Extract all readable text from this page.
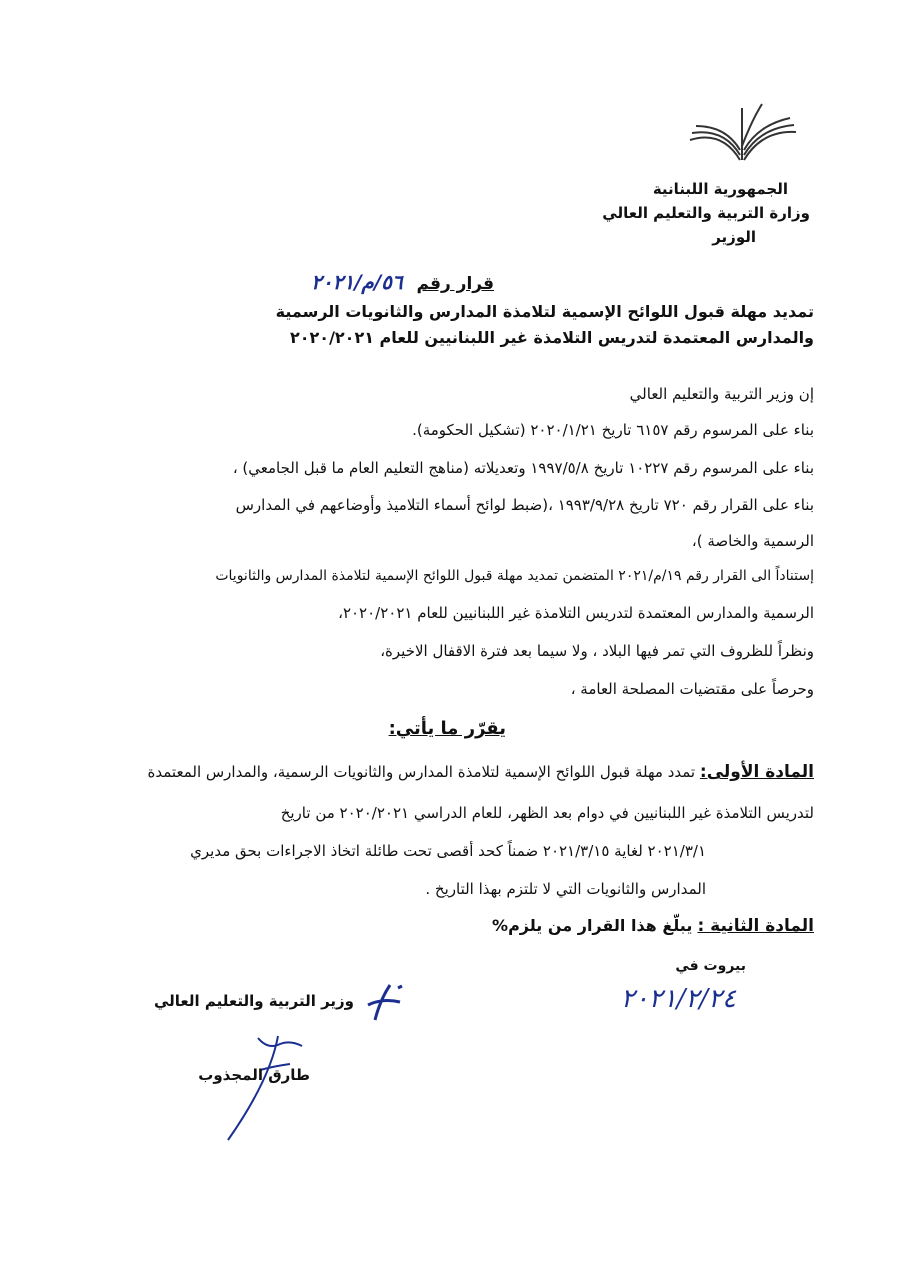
الجمهورية اللبنانية
وزارة التربية والتعليم العالي
الوزير
قرار رقم ٥٦/م/٢٠٢١
تمديد مهلة قبول اللوائح الإسمية لتلامذة المدارس والثانويات الرسمية
والمدارس المعتمدة لتدريس التلامذة غير اللبنانيين للعام ٢٠٢٠/٢٠٢١
إن وزير التربية والتعليم العالي
بناء على المرسوم رقم ٦١٥٧ تاريخ ٢٠٢٠/١/٢١ (تشكيل الحكومة).
بناء على المرسوم رقم ١٠٢٢٧ تاريخ ١٩٩٧/٥/٨ وتعديلاته (مناهج التعليم العام ما قبل الجامعي) ،
بناء على القرار رقم ٧٢٠ تاريخ ١٩٩٣/٩/٢٨ ،(ضبط لوائح أسماء التلاميذ وأوضاعهم في المدارس
الرسمية والخاصة )،
إستناداً الى القرار رقم ١٩/م/٢٠٢١ المتضمن تمديد مهلة قبول اللوائح الإسمية لتلامذة المدارس والثانويات
الرسمية والمدارس المعتمدة لتدريس التلامذة غير اللبنانيين للعام ٢٠٢٠/٢٠٢١،
ونظراً للظروف التي تمر فيها البلاد ، ولا سيما بعد فترة الاقفال الاخيرة،
وحرصاً على مقتضيات المصلحة العامة ،
يقرّر ما يأتي:
المادة الأولى: تمدد مهلة قبول اللوائح الإسمية لتلامذة المدارس والثانويات الرسمية، والمدارس المعتمدة
لتدريس التلامذة غير اللبنانيين في دوام بعد الظهر، للعام الدراسي ٢٠٢٠/٢٠٢١ من تاريخ
٢٠٢١/٣/١ لغاية ٢٠٢١/٣/١٥ ضمناً كحد أقصى تحت طائلة اتخاذ الاجراءات بحق مديري
المدارس والثانويات التي لا تلتزم بهذا التاريخ .
المادة الثانية : يبلّغ هذا القرار من يلزم%
بيروت في
٢٠٢١/٢/٢٤
وزير التربية والتعليم العالي
طارق المجذوب
